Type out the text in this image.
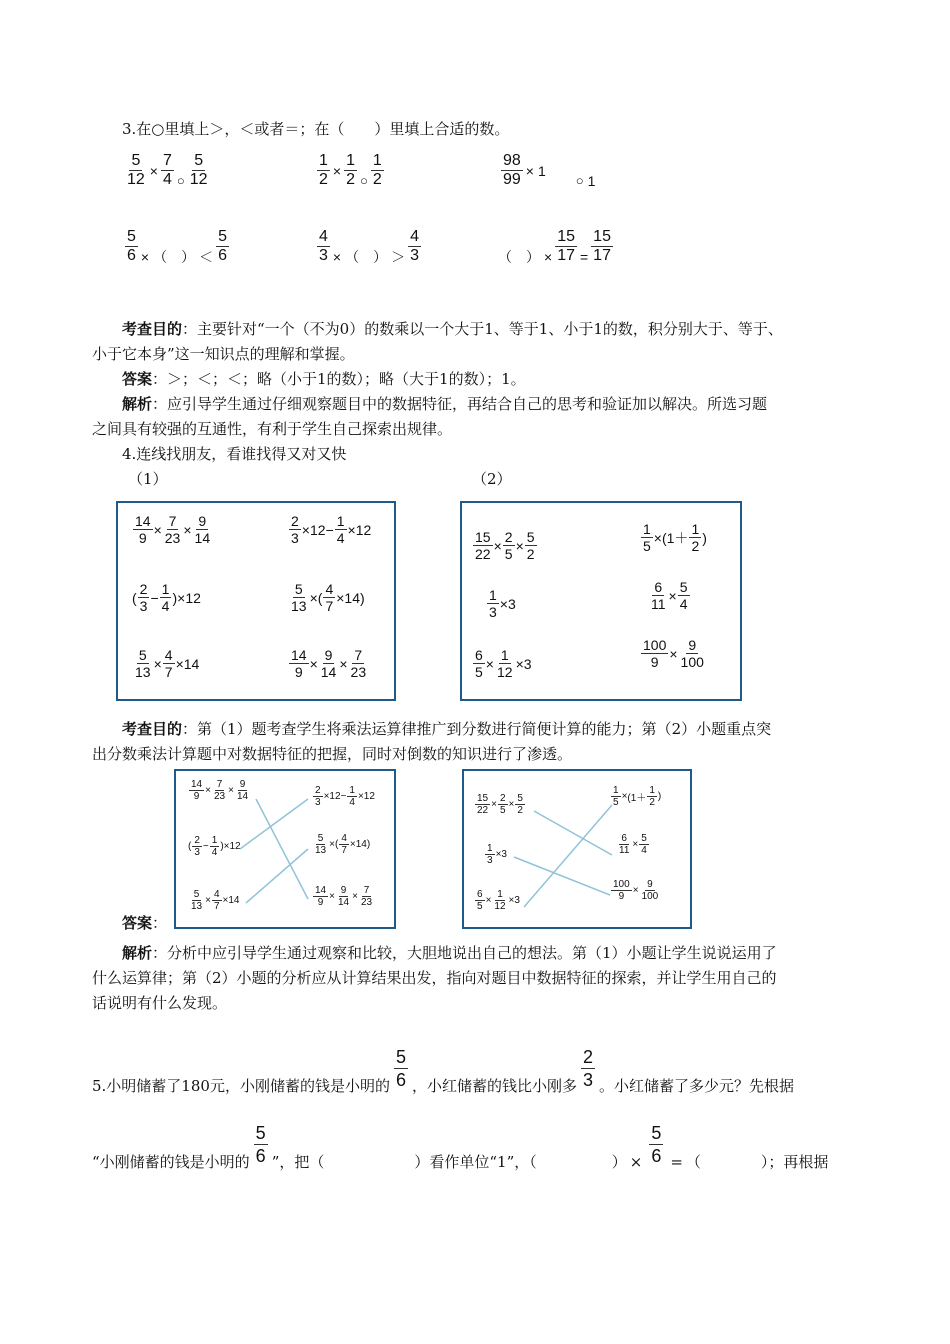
3.在○里填上＞，＜或者＝；在（　　）里填上合适的数。
$\frac{5}{12} \times \frac{7}{4}$ ○ $\frac{5}{12}$	$\frac{1}{2} \times \frac{1}{2}$ ○ $\frac{1}{2}$	$\frac{98}{99} \times 1$
○ 1
$\frac{5}{6}$ × （　） ＜ $\frac{5}{6}$	$\frac{4}{3}$ × （　） ＞ $\frac{4}{3}$	（　） × $\frac{15}{17} = \frac{15}{17}$
考查目的：主要针对“一个（不为0）的数乘以一个大于1、等于1、小于1的数，积分别大于、等于、
小于它本身”这一知识点的理解和掌握。
答案：＞；＜；＜；略（小于1的数）；略（大于1的数）；1。
解析：应引导学生通过仔细观察题目中的数据特征，再结合自己的思考和验证加以解决。所选习题
之间具有较强的互通性，有利于学生自己探索出规律。
4.连线找朋友，看谁找得又对又快
（1）	（2）
$\frac{14}{9} \times \frac{7}{23} \times \frac{9}{14}$
( $\frac{2}{3} - \frac{1}{4}$ ) × 12
$\frac{5}{13} \times \frac{4}{7} \times 14$
$\frac{2}{3} \times 12 - \frac{1}{4} \times 12$
$\frac{5}{13}$ × ( $\frac{4}{7} \times 14$ )
$\frac{14}{9} \times \frac{9}{14} \times \frac{7}{23}$
$\frac{15}{22} \times \frac{2}{5} \times \frac{5}{2}$
$\frac{1}{3} \times 3$
$\frac{6}{5} \times \frac{1}{12} \times 3$
$\frac{1}{5} \times (1+ \frac{1}{2}$ )
$\frac{6}{11} \times \frac{5}{4}$
$\frac{100}{9} \times \frac{9}{100}$
考查目的：第（1）题考查学生将乘法运算律推广到分数进行简便计算的能力；第（2）小题重点突
出分数乘法计算题中对数据特征的把握，同时对倒数的知识进行了渗透。
答案：
$\frac{14}{9} \times \frac{7}{23} \times \frac{9}{14}$
( $\frac{2}{3} - \frac{1}{4}$ ) × 12
$\frac{5}{13} \times \frac{4}{7} \times 14$
$\frac{2}{3} \times 12 - \frac{1}{4} \times 12$
$\frac{5}{13}$ × ( $\frac{4}{7} \times 14$ )
$\frac{14}{9} \times \frac{9}{14} \times \frac{7}{23}$
$\frac{15}{22} \times \frac{2}{5} \times \frac{5}{2}$
$\frac{1}{3} \times 3$
$\frac{6}{5} \times \frac{1}{12} \times 3$
$\frac{1}{5} \times (1+ \frac{1}{2}$ )
$\frac{6}{11} \times \frac{5}{4}$
$\frac{100}{9} \times \frac{9}{100}$
解析：分析中应引导学生通过观察和比较，大胆地说出自己的想法。第（1）小题让学生说说运用了
什么运算律；第（2）小题的分析应从计算结果出发，指向对题目中数据特征的探索，并让学生用自己的
话说明有什么发现。
5.小明储蓄了180元，小刚储蓄的钱是小明的 $\frac{5}{6}$ ，小红储蓄的钱比小刚多 $\frac{2}{3}$ 。小红储蓄了多少元？先根据
“小刚储蓄的钱是小明的 $\frac{5}{6}$ ”，把（　　　　　　）看作单位“1”，（　　　　　） × $\frac{5}{6}$ = （　　　　）；再根据
